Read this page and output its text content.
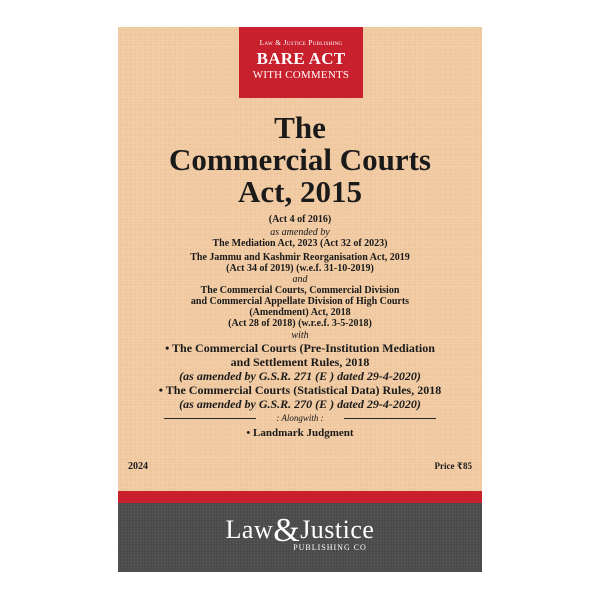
Law & Justice Publishing
BARE ACT
WITH COMMENTS
The
Commercial Courts
Act, 2015
(Act 4 of 2016)
as amended by
The Mediation Act, 2023 (Act 32 of 2023)
The Jammu and Kashmir Reorganisation Act, 2019
(Act 34 of 2019) (w.e.f. 31-10-2019)
and
The Commercial Courts, Commercial Division
and Commercial Appellate Division of High Courts
(Amendment) Act, 2018
(Act 28 of 2018) (w.r.e.f. 3-5-2018)
with
• The Commercial Courts (Pre-Institution Mediation
and Settlement Rules, 2018
(as amended by G.S.R. 271 (E ) dated 29-4-2020)
• The Commercial Courts (Statistical Data) Rules, 2018
(as amended by G.S.R. 270 (E ) dated 29-4-2020)
: Alongwith :
• Landmark Judgment
2024	Price ₹85
Law&Justice
PUBLISHING CO
